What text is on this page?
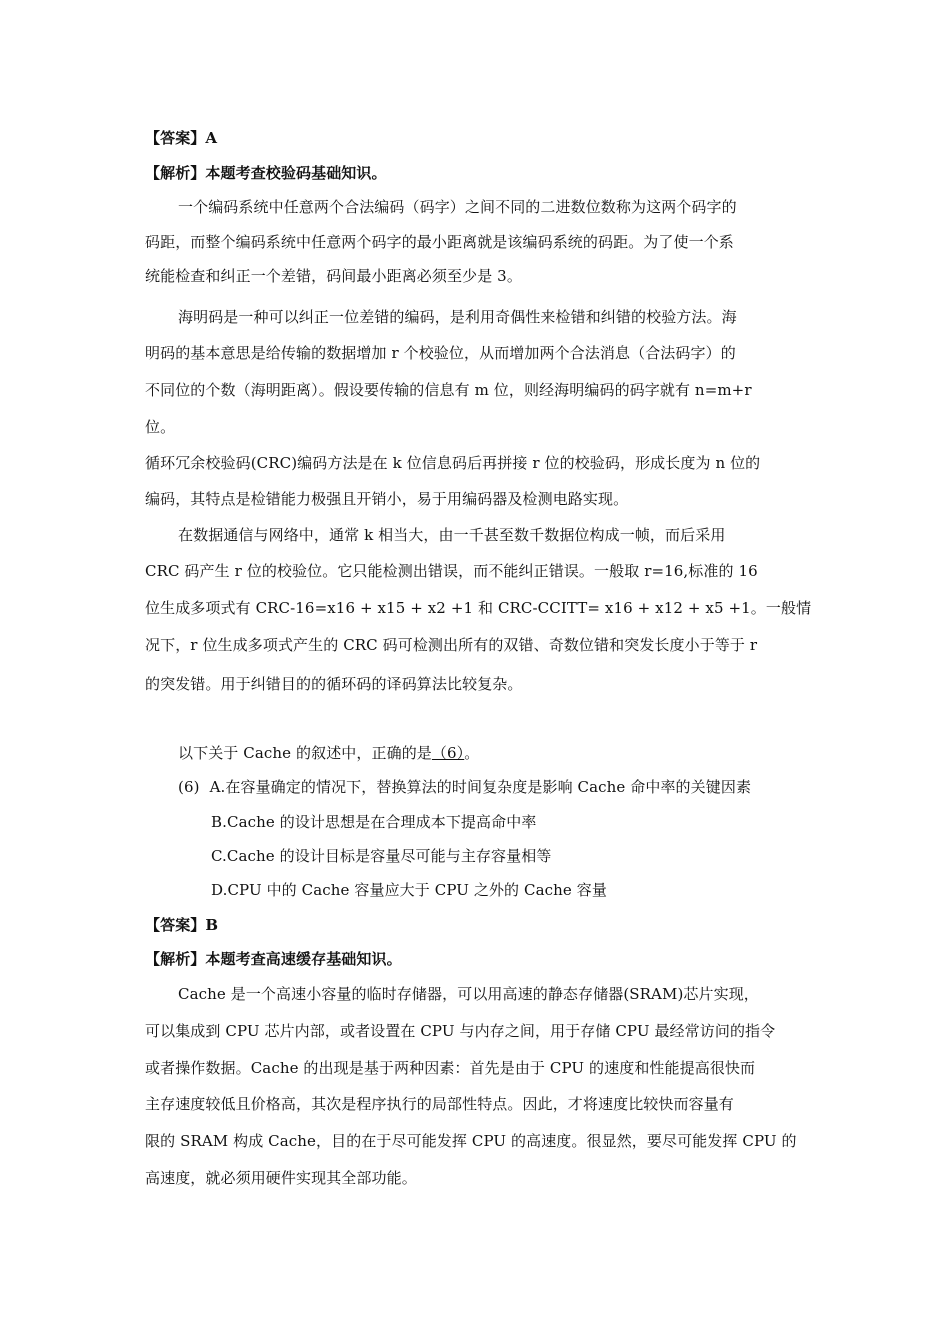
【答案】A
【解析】本题考查校验码基础知识。
一个编码系统中任意两个合法编码（码字）之间不同的二进数位数称为这两个码字的
码距，而整个编码系统中任意两个码字的最小距离就是该编码系统的码距。为了使一个系
统能检查和纠正一个差错，码间最小距离必须至少是 3。
海明码是一种可以纠正一位差错的编码，是利用奇偶性来检错和纠错的校验方法。海
明码的基本意思是给传输的数据增加 r 个校验位，从而增加两个合法消息（合法码字）的
不同位的个数（海明距离）。假设要传输的信息有 m 位，则经海明编码的码字就有 n=m+r
位。
循环冗余校验码(CRC)编码方法是在 k 位信息码后再拼接 r 位的校验码，形成长度为 n 位的
编码，其特点是检错能力极强且开销小，易于用编码器及检测电路实现。
在数据通信与网络中，通常 k 相当大，由一千甚至数千数据位构成一帧，而后采用
CRC 码产生 r 位的校验位。它只能检测出错误，而不能纠正错误。一般取 r=16,标准的 16
位生成多项式有 CRC-16=x16 + x15 + x2 +1 和 CRC-CCITT= x16 + x12 + x5 +1。一般情
况下，r 位生成多项式产生的 CRC 码可检测出所有的双错、奇数位错和突发长度小于等于 r
的突发错。用于纠错目的的循环码的译码算法比较复杂。
以下关于 Cache 的叙述中，正确的是（6）。
(6) A.在容量确定的情况下，替换算法的时间复杂度是影响 Cache 命中率的关键因素
B.Cache 的设计思想是在合理成本下提高命中率
C.Cache 的设计目标是容量尽可能与主存容量相等
D.CPU 中的 Cache 容量应大于 CPU 之外的 Cache 容量
【答案】B
【解析】本题考查高速缓存基础知识。
Cache 是一个高速小容量的临时存储器，可以用高速的静态存储器(SRAM)芯片实现，
可以集成到 CPU 芯片内部，或者设置在 CPU 与内存之间，用于存储 CPU 最经常访问的指令
或者操作数据。Cache 的出现是基于两种因素：首先是由于 CPU 的速度和性能提高很快而
主存速度较低且价格高，其次是程序执行的局部性特点。因此，才将速度比较快而容量有
限的 SRAM 构成 Cache，目的在于尽可能发挥 CPU 的高速度。很显然，要尽可能发挥 CPU 的
高速度，就必须用硬件实现其全部功能。
